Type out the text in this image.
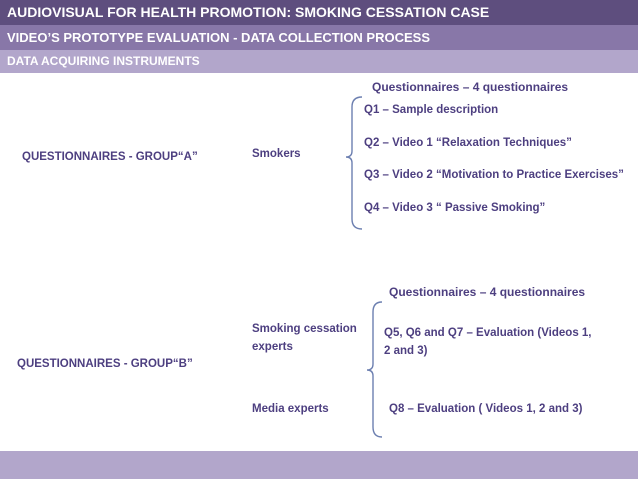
AUDIOVISUAL FOR HEALTH PROMOTION: SMOKING CESSATION CASE
VIDEO’S PROTOTYPE EVALUATION - DATA COLLECTION PROCESS
DATA ACQUIRING INSTRUMENTS
QUESTIONNAIRES - GROUP“A”	Smokers
Questionnaires – 4 questionnaires
Q1 – Sample description
Q2 – Video 1 “Relaxation Techniques”
Q3 – Video 2 “Motivation to Practice Exercises”
Q4 – Video 3 “ Passive Smoking”
QUESTIONNAIRES - GROUP“B”
Questionnaires – 4 questionnaires
Smoking cessation experts
Media experts
Q5, Q6 and Q7 – Evaluation (Videos 1, 2 and 3)
Q8 – Evaluation ( Videos 1, 2 and 3)
